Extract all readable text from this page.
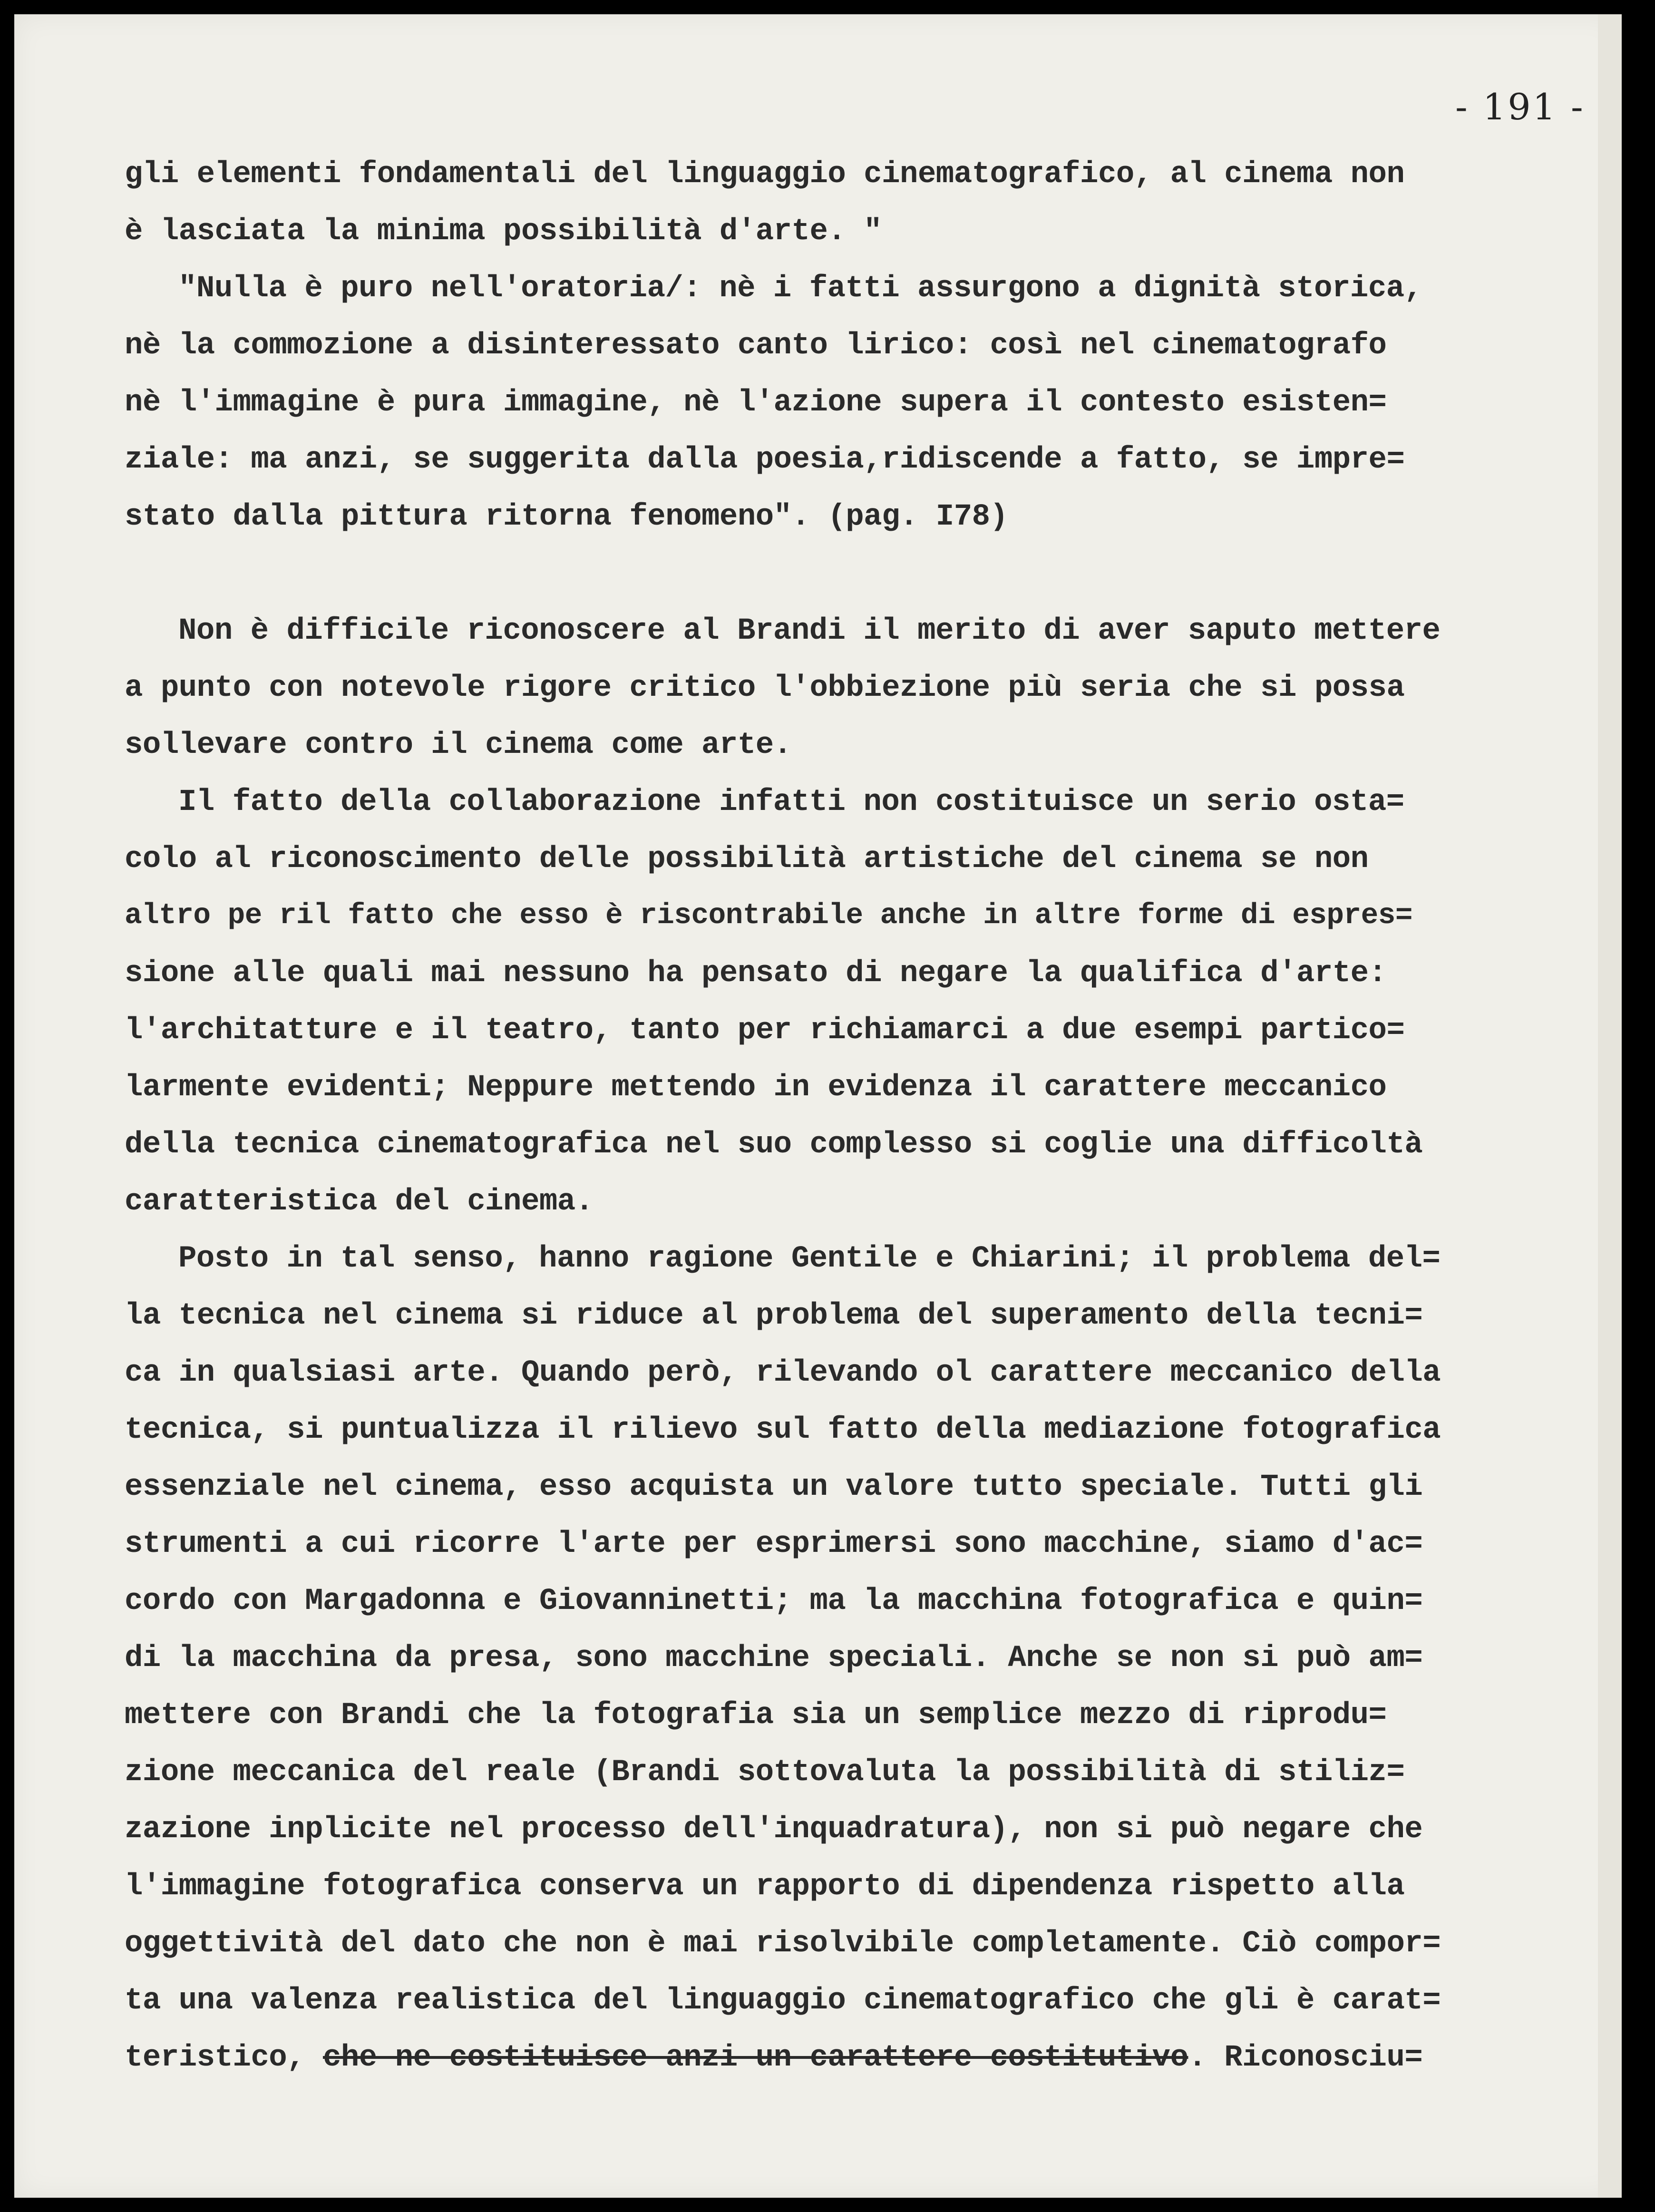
- 191 -
gli elementi fondamentali del linguaggio cinematografico, al cinema non
è lasciata la minima possibilità d'arte. "
"Nulla è puro nell'oratoria/: nè i fatti assurgono a dignità storica,
nè la commozione a disinteressato canto lirico: così nel cinematografo
nè l'immagine è pura immagine, nè l'azione supera il contesto esisten=
ziale: ma anzi, se suggerita dalla poesia,ridiscende a fatto, se impre=
stato dalla pittura ritorna fenomeno". (pag. I78)
Non è difficile riconoscere al Brandi il merito di aver saputo mettere
a punto con notevole rigore critico l'obbiezione più seria che si possa
sollevare contro il cinema come arte.
Il fatto della collaborazione infatti non costituisce un serio osta=
colo al riconoscimento delle possibilità artistiche del cinema se non
altro pe ril fatto che esso è riscontrabile anche in altre forme di espres=
sione alle quali mai nessuno ha pensato di negare la qualifica d'arte:
l'architatture e il teatro, tanto per richiamarci a due esempi partico=
larmente evidenti; Neppure mettendo in evidenza il carattere meccanico
della tecnica cinematografica nel suo complesso si coglie una difficoltà
caratteristica del cinema.
Posto in tal senso, hanno ragione Gentile e Chiarini; il problema del=
la tecnica nel cinema si riduce al problema del superamento della tecni=
ca in qualsiasi arte. Quando però, rilevando ol carattere meccanico della
tecnica, si puntualizza il rilievo sul fatto della mediazione fotografica
essenziale nel cinema, esso acquista un valore tutto speciale. Tutti gli
strumenti a cui ricorre l'arte per esprimersi sono macchine, siamo d'ac=
cordo con Margadonna e Giovanninetti; ma la macchina fotografica e quin=
di la macchina da presa, sono macchine speciali. Anche se non si può am=
mettere con Brandi che la fotografia sia un semplice mezzo di riprodu=
zione meccanica del reale (Brandi sottovaluta la possibilità di stiliz=
zazione inplicite nel processo dell'inquadratura), non si può negare che
l'immagine fotografica conserva un rapporto di dipendenza rispetto alla
oggettività del dato che non è mai risolvibile completamente. Ciò compor=
ta una valenza realistica del linguaggio cinematografico che gli è carat=
teristico, che ne costituisce anzi un carattere costitutivo. Riconosciu=
